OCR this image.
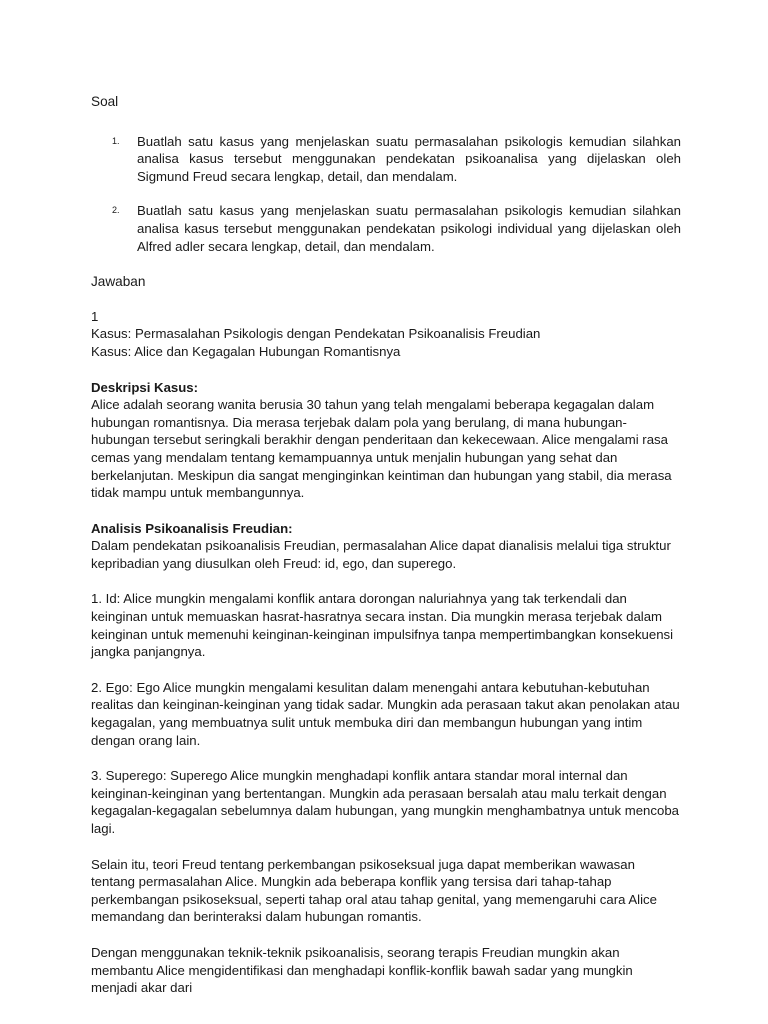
Soal

1.	Buatlah satu kasus yang menjelaskan suatu permasalahan psikologis kemudian silahkan analisa kasus tersebut menggunakan pendekatan psikoanalisa yang dijelaskan oleh Sigmund Freud secara lengkap, detail, dan mendalam.
2.	Buatlah satu kasus yang menjelaskan suatu permasalahan psikologis kemudian silahkan analisa kasus tersebut menggunakan pendekatan psikologi individual yang dijelaskan oleh Alfred adler secara lengkap, detail, dan mendalam.

Jawaban

1

Kasus: Permasalahan Psikologis dengan Pendekatan Psikoanalisis Freudian

Kasus: Alice dan Kegagalan Hubungan Romantisnya

Deskripsi Kasus:

Alice adalah seorang wanita berusia 30 tahun yang telah mengalami beberapa kegagalan dalam hubungan romantisnya. Dia merasa terjebak dalam pola yang berulang, di mana hubungan-hubungan tersebut seringkali berakhir dengan penderitaan dan kekecewaan. Alice mengalami rasa cemas yang mendalam tentang kemampuannya untuk menjalin hubungan yang sehat dan berkelanjutan. Meskipun dia sangat menginginkan keintiman dan hubungan yang stabil, dia merasa tidak mampu untuk membangunnya.

Analisis Psikoanalisis Freudian:

Dalam pendekatan psikoanalisis Freudian, permasalahan Alice dapat dianalisis melalui tiga struktur kepribadian yang diusulkan oleh Freud: id, ego, dan superego.

1. Id: Alice mungkin mengalami konflik antara dorongan naluriahnya yang tak terkendali dan keinginan untuk memuaskan hasrat-hasratnya secara instan. Dia mungkin merasa terjebak dalam keinginan untuk memenuhi keinginan-keinginan impulsifnya tanpa mempertimbangkan konsekuensi jangka panjangnya.

2. Ego: Ego Alice mungkin mengalami kesulitan dalam menengahi antara kebutuhan-kebutuhan realitas dan keinginan-keinginan yang tidak sadar. Mungkin ada perasaan takut akan penolakan atau kegagalan, yang membuatnya sulit untuk membuka diri dan membangun hubungan yang intim dengan orang lain.

3. Superego: Superego Alice mungkin menghadapi konflik antara standar moral internal dan keinginan-keinginan yang bertentangan. Mungkin ada perasaan bersalah atau malu terkait dengan kegagalan-kegagalan sebelumnya dalam hubungan, yang mungkin menghambatnya untuk mencoba lagi.

Selain itu, teori Freud tentang perkembangan psikoseksual juga dapat memberikan wawasan tentang permasalahan Alice. Mungkin ada beberapa konflik yang tersisa dari tahap-tahap perkembangan psikoseksual, seperti tahap oral atau tahap genital, yang memengaruhi cara Alice memandang dan berinteraksi dalam hubungan romantis.

Dengan menggunakan teknik-teknik psikoanalisis, seorang terapis Freudian mungkin akan membantu Alice mengidentifikasi dan menghadapi konflik-konflik bawah sadar yang mungkin menjadi akar dari
